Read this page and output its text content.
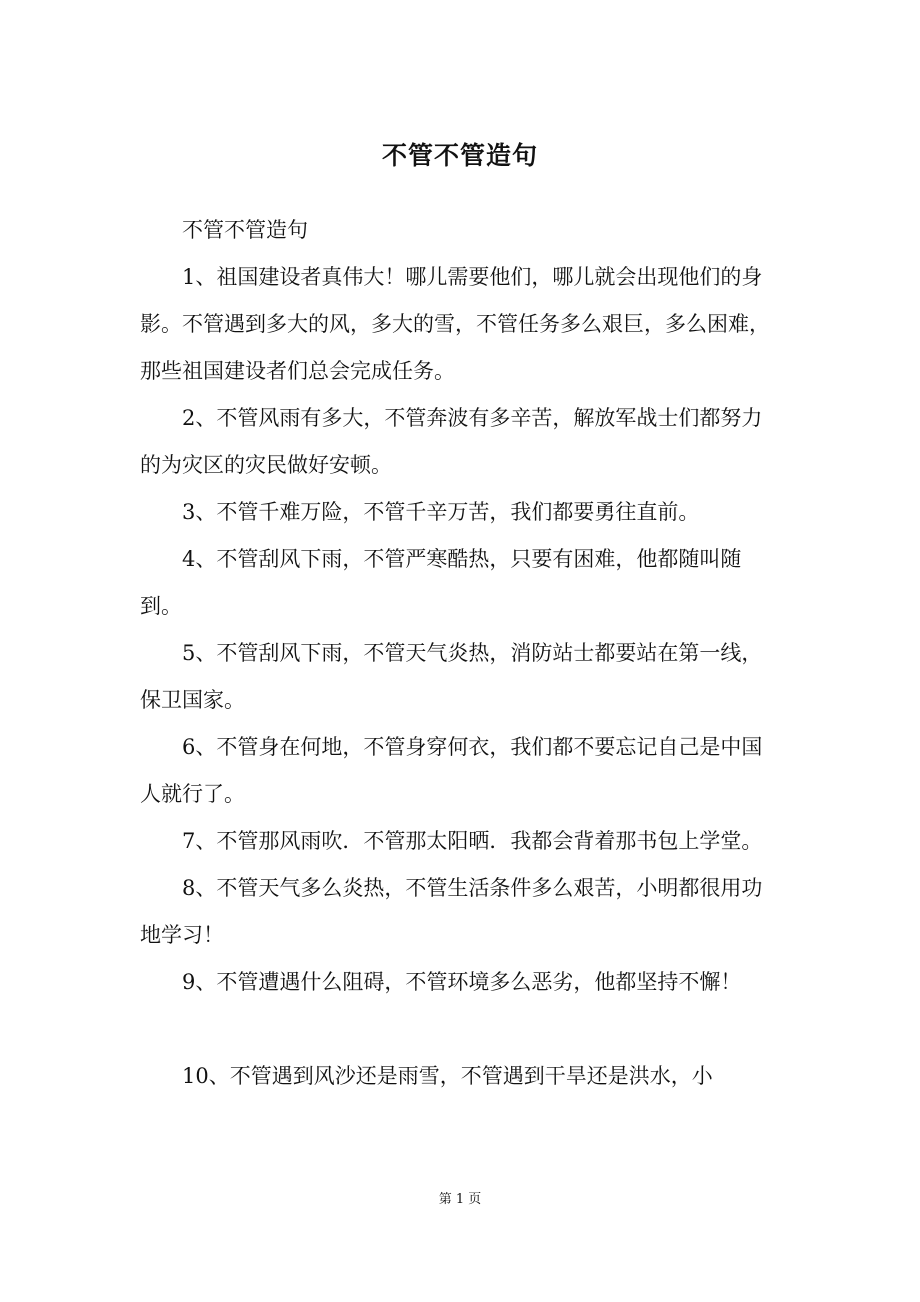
不管不管造句

不管不管造句

1、祖国建设者真伟大！哪儿需要他们，哪儿就会出现他们的身影。不管遇到多大的风，多大的雪，不管任务多么艰巨，多么困难，那些祖国建设者们总会完成任务。

2、不管风雨有多大，不管奔波有多辛苦，解放军战士们都努力的为灾区的灾民做好安顿。

3、不管千难万险，不管千辛万苦，我们都要勇往直前。

4、不管刮风下雨，不管严寒酷热，只要有困难，他都随叫随到。

5、不管刮风下雨，不管天气炎热，消防站士都要站在第一线，保卫国家。

6、不管身在何地，不管身穿何衣，我们都不要忘记自己是中国人就行了。

7、不管那风雨吹．不管那太阳晒．我都会背着那书包上学堂。

8、不管天气多么炎热，不管生活条件多么艰苦，小明都很用功地学习！

9、不管遭遇什么阻碍，不管环境多么恶劣，他都坚持不懈！

10、不管遇到风沙还是雨雪，不管遇到干旱还是洪水，小

第 1 页
